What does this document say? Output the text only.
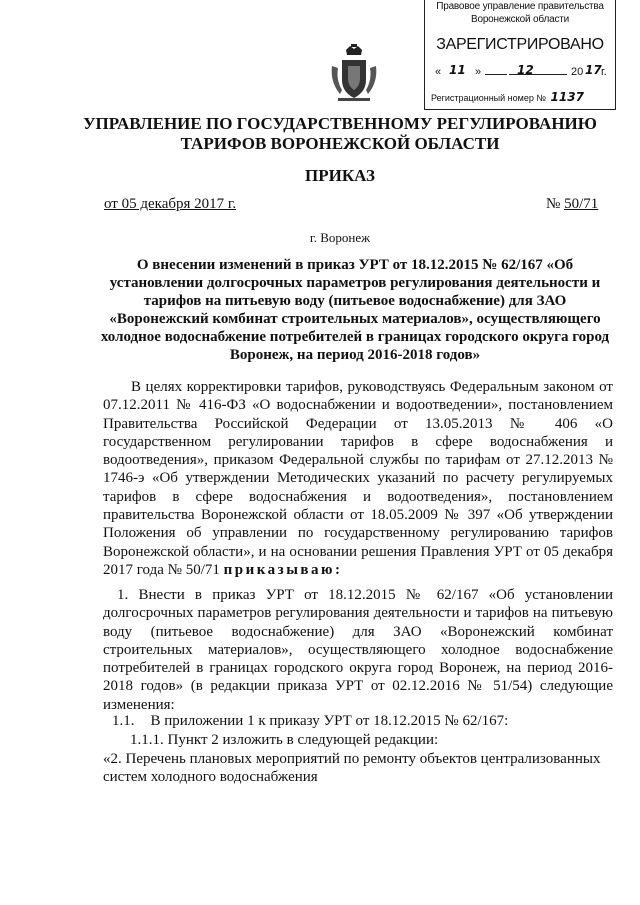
Правовое управление правительства
Воронежской области
ЗАРЕГИСТРИРОВАНО
« 11 »	12	20 17 г.
Регистрационный номер № 1137
УПРАВЛЕНИЕ ПО ГОСУДАРСТВЕННОМУ РЕГУЛИРОВАНИЮ
ТАРИФОВ ВОРОНЕЖСКОЙ ОБЛАСТИ
ПРИКАЗ
от 05 декабря 2017 г.	№ 50/71
г. Воронеж
О внесении изменений в приказ УРТ от 18.12.2015 № 62/167 «Об установлении долгосрочных параметров регулирования деятельности и тарифов на питьевую воду (питьевое водоснабжение) для ЗАО «Воронежский комбинат строительных материалов», осуществляющего холодное водоснабжение потребителей в границах городского округа город Воронеж, на период 2016-2018 годов»
В целях корректировки тарифов, руководствуясь Федеральным законом от 07.12.2011 № 416-ФЗ «О водоснабжении и водоотведении», постановлением Правительства Российской Федерации от 13.05.2013 № 406 «О государственном регулировании тарифов в сфере водоснабжения и водоотведения», приказом Федеральной службы по тарифам от 27.12.2013 № 1746-э «Об утверждении Методических указаний по расчету регулируемых тарифов в сфере водоснабжения и водоотведения», постановлением правительства Воронежской области от 18.05.2009 № 397 «Об утверждении Положения об управлении по государственному регулированию тарифов Воронежской области», и на основании решения Правления УРТ от 05 декабря 2017 года № 50/71 приказываю:
1. Внести в приказ УРТ от 18.12.2015 № 62/167 «Об установлении долгосрочных параметров регулирования деятельности и тарифов на питьевую воду (питьевое водоснабжение) для ЗАО «Воронежский комбинат строительных материалов», осуществляющего холодное водоснабжение потребителей в границах городского округа город Воронеж, на период 2016-2018 годов» (в редакции приказа УРТ от 02.12.2016 № 51/54) следующие изменения:
1.1. В приложении 1 к приказу УРТ от 18.12.2015 № 62/167:
1.1.1. Пункт 2 изложить в следующей редакции:
«2. Перечень плановых мероприятий по ремонту объектов централизованных систем холодного водоснабжения
